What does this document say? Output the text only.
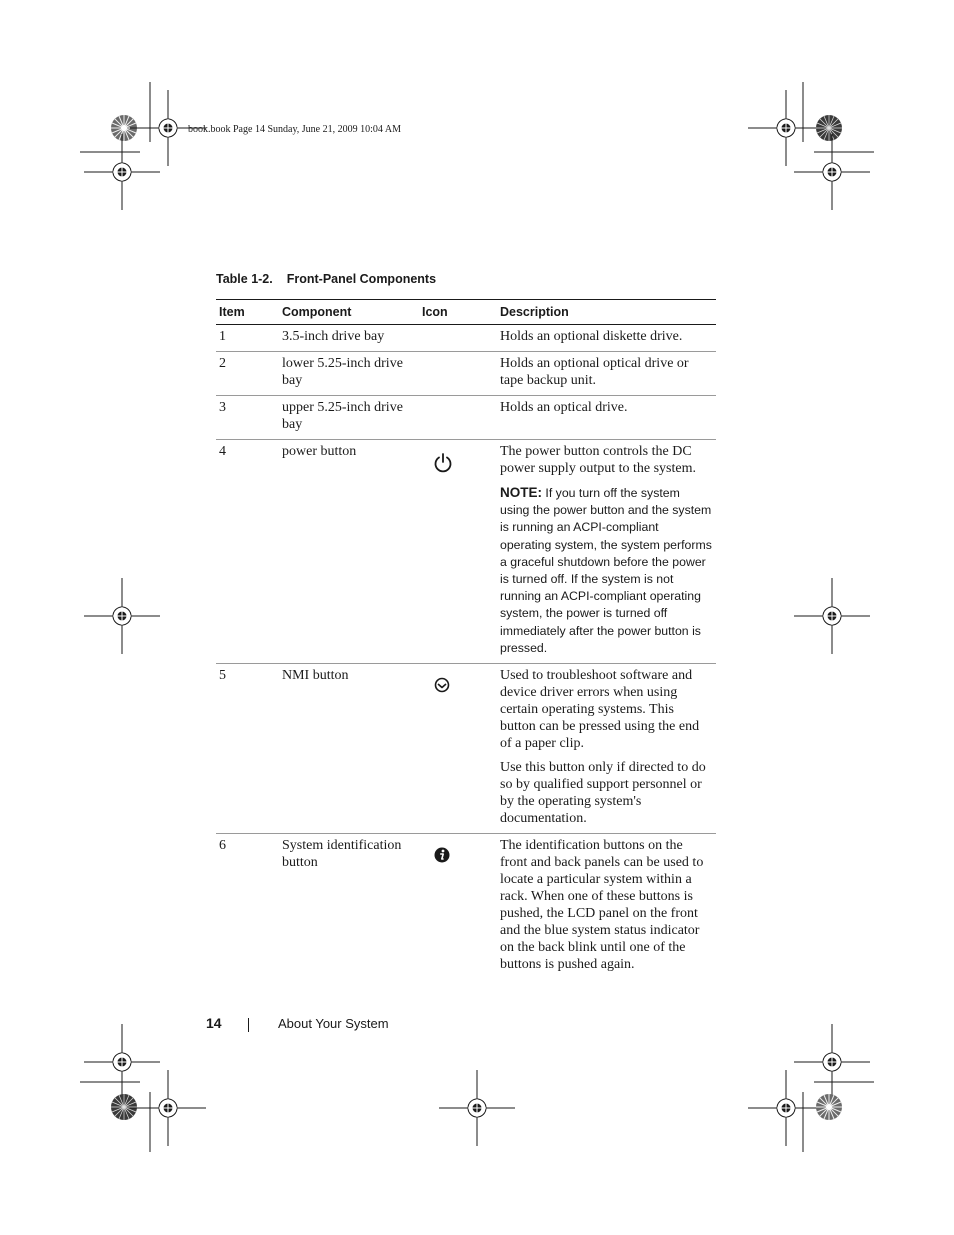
book.book Page 14 Sunday, June 21, 2009 10:04 AM
Table 1-2. Front-Panel Components
Item	Component	Icon	Description
1	3.5-inch drive bay		Holds an optional diskette drive.

2	lower 5.25-inch drive bay		Holds an optional optical drive or tape backup unit.

3	upper 5.25-inch drive bay		Holds an optical drive.

4	power button		The power button controls the DC power supply output to the system.

NOTE: If you turn off the system using the power button and the system is running an ACPI-compliant operating system, the system performs a graceful shutdown before the power is turned off. If the system is not running an ACPI-compliant operating system, the power is turned off immediately after the power button is pressed.

5	NMI button		Used to troubleshoot software and device driver errors when using certain operating systems. This button can be pressed using the end of a paper clip.

Use this button only if directed to do so by qualified support personnel or by the operating system's documentation.

6	System identification button		The identification buttons on the front and back panels can be used to locate a particular system within a rack. When one of these buttons is pushed, the LCD panel on the front and the blue system status indicator on the back blink until one of the buttons is pushed again.

14	About Your System
